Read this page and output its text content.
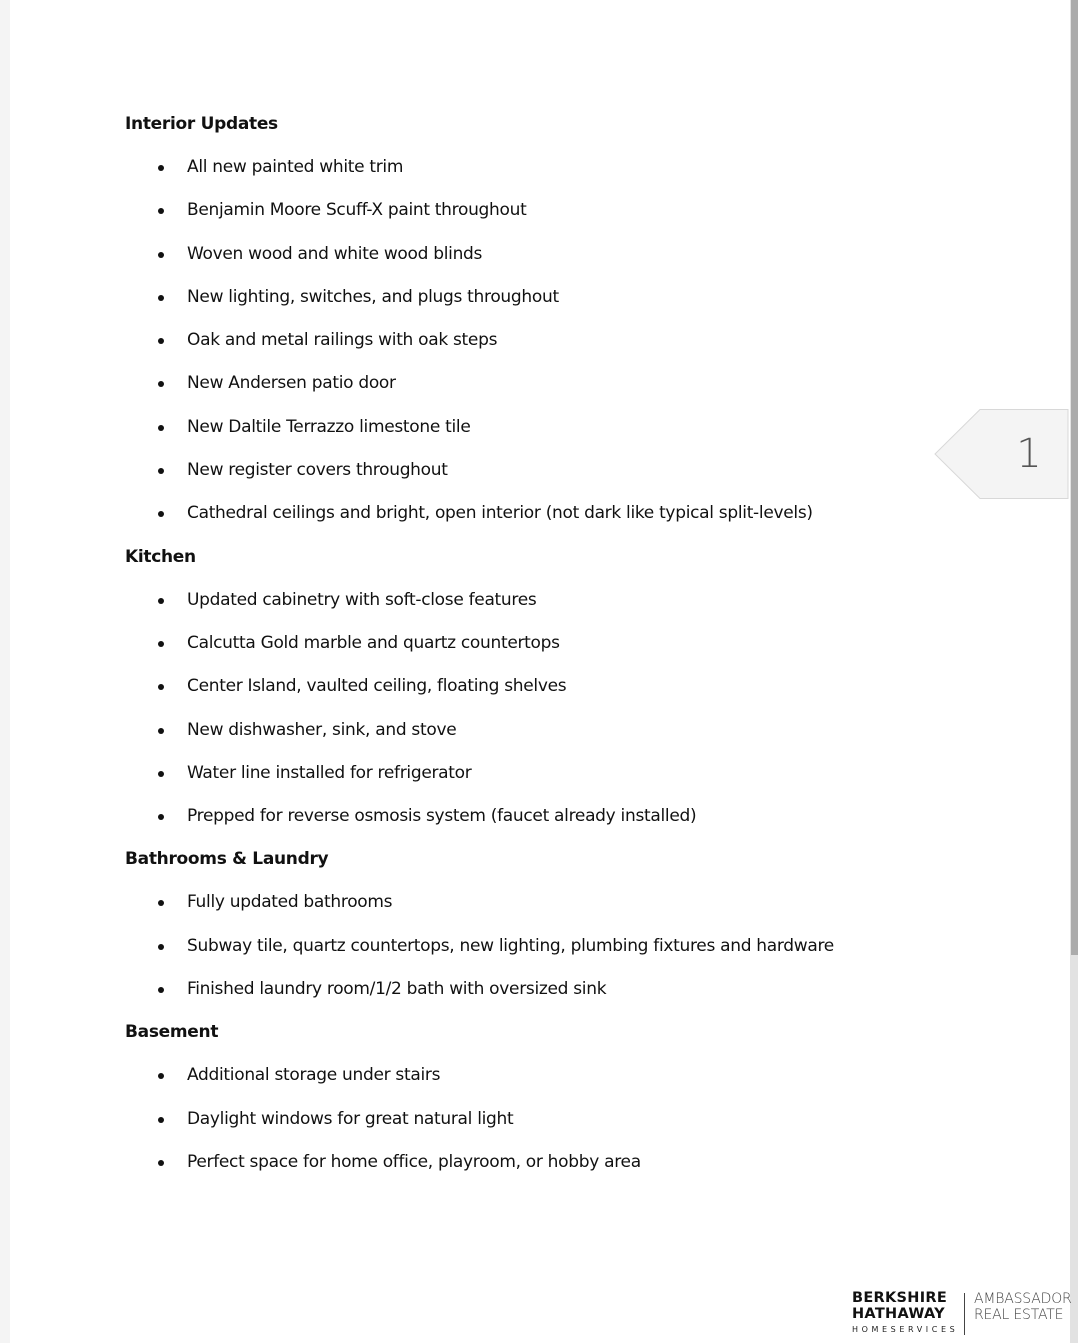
Interior Updates
All new painted white trim
Benjamin Moore Scuff-X paint throughout
Woven wood and white wood blinds
New lighting, switches, and plugs throughout
Oak and metal railings with oak steps
New Andersen patio door
New Daltile Terrazzo limestone tile
New register covers throughout
Cathedral ceilings and bright, open interior (not dark like typical split-levels)
Kitchen
Updated cabinetry with soft-close features
Calcutta Gold marble and quartz countertops
Center Island, vaulted ceiling, floating shelves
New dishwasher, sink, and stove
Water line installed for refrigerator
Prepped for reverse osmosis system (faucet already installed)
Bathrooms & Laundry
Fully updated bathrooms
Subway tile, quartz countertops, new lighting, plumbing fixtures and hardware
Finished laundry room/1/2 bath with oversized sink
Basement
Additional storage under stairs
Daylight windows for great natural light
Perfect space for home office, playroom, or hobby area
1
BERKSHIRE
HATHAWAY
HOMESERVICES
AMBASSADOR
REAL ESTATE
